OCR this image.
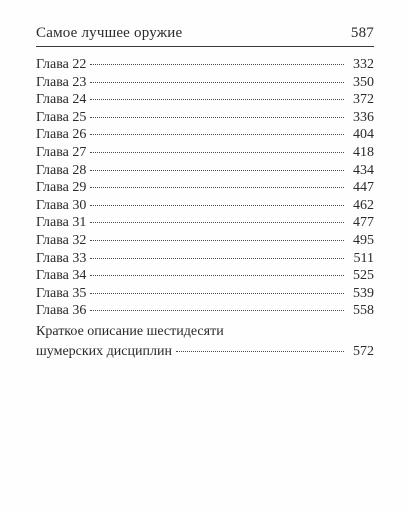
Самое лучшее оружие	587
Глава 22	332
Глава 23	350
Глава 24	372
Глава 25	336
Глава 26	404
Глава 27	418
Глава 28	434
Глава 29	447
Глава 30	462
Глава 31	477
Глава 32	495
Глава 33	511
Глава 34	525
Глава 35	539
Глава 36	558
Краткое описание шестидесяти
шумерских дисциплин	572
